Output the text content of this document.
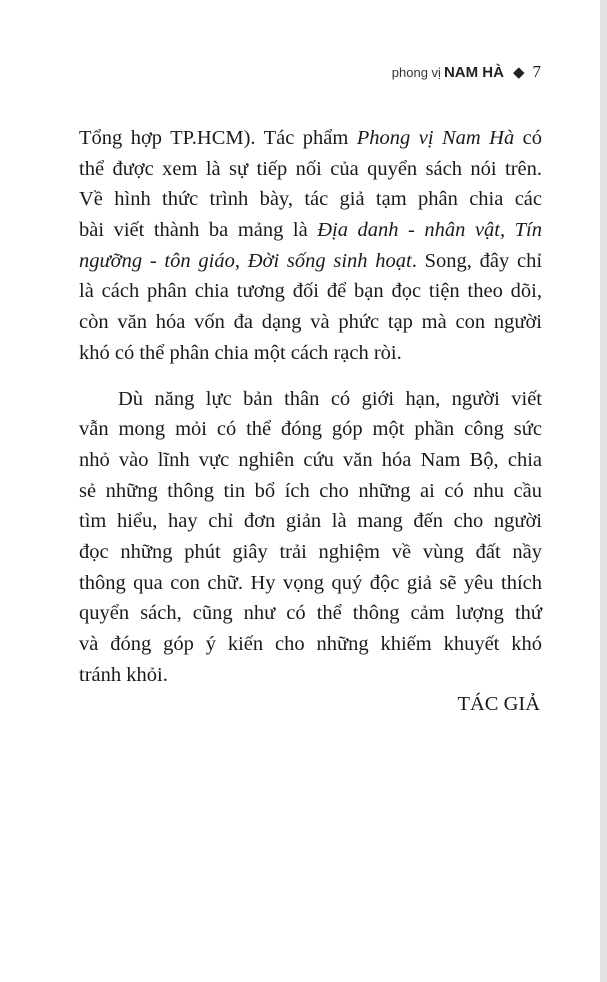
phong vị NAM HÀ ◆ 7
Tổng hợp TP.HCM). Tác phẩm Phong vị Nam Hà có
thể được xem là sự tiếp nối của quyển sách nói trên.
Về hình thức trình bày, tác giả tạm phân chia các
bài viết thành ba mảng là Địa danh - nhân vật, Tín
ngưỡng - tôn giáo, Đời sống sinh hoạt. Song, đây chỉ
là cách phân chia tương đối để bạn đọc tiện theo dõi,
còn văn hóa vốn đa dạng và phức tạp mà con người
khó có thể phân chia một cách rạch ròi.
Dù năng lực bản thân có giới hạn, người viết
vẫn mong mỏi có thể đóng góp một phần công sức
nhỏ vào lĩnh vực nghiên cứu văn hóa Nam Bộ, chia
sẻ những thông tin bổ ích cho những ai có nhu cầu
tìm hiểu, hay chỉ đơn giản là mang đến cho người
đọc những phút giây trải nghiệm về vùng đất nầy
thông qua con chữ. Hy vọng quý độc giả sẽ yêu thích
quyển sách, cũng như có thể thông cảm lượng thứ
và đóng góp ý kiến cho những khiếm khuyết khó
tránh khỏi.
TÁC GIẢ
